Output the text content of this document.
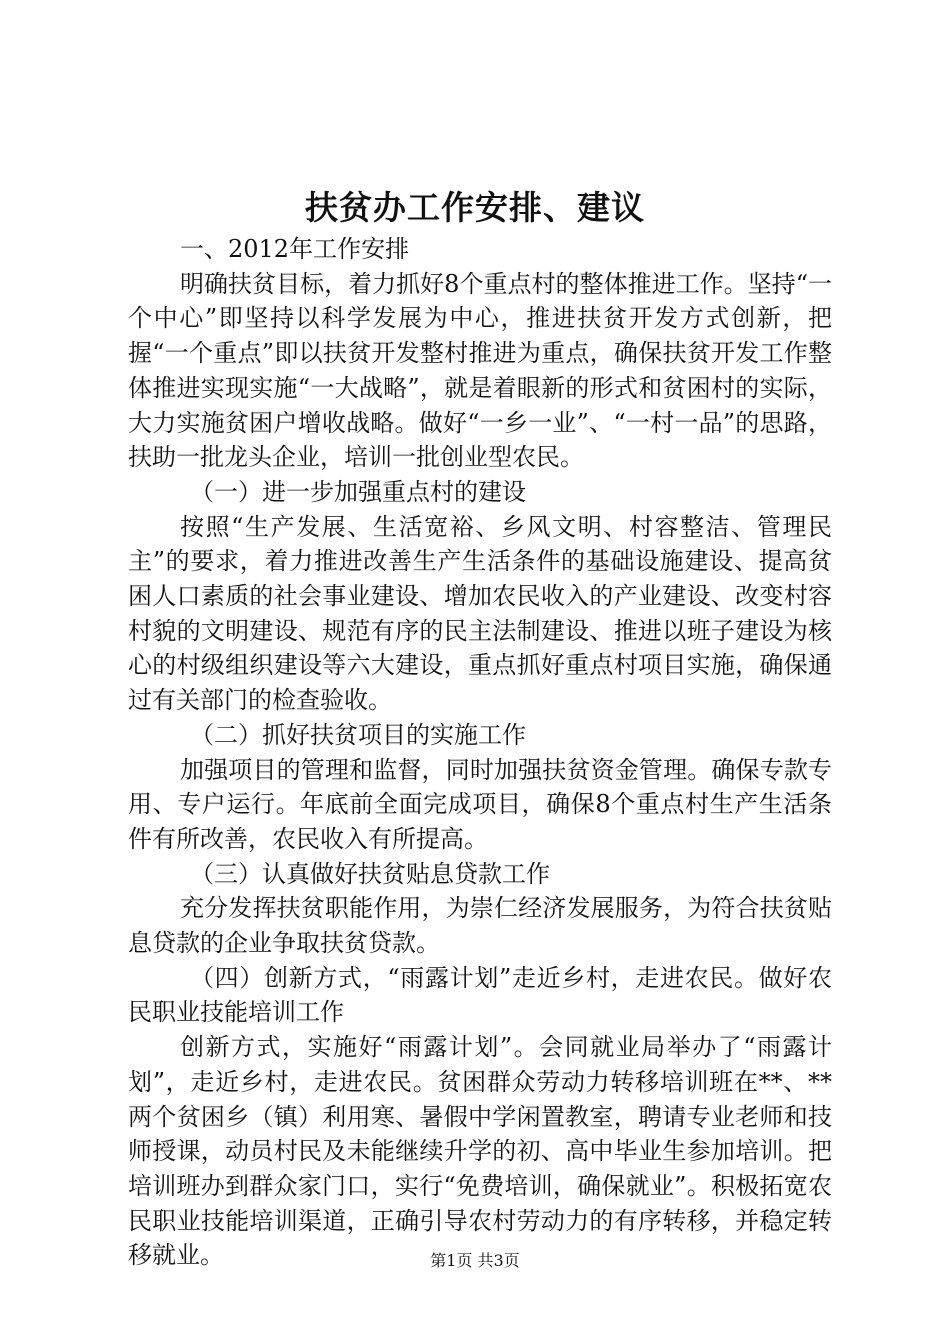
扶贫办工作安排、建议

一、2012年工作安排

明确扶贫目标，着力抓好8个重点村的整体推进工作。坚持“一个中心”即坚持以科学发展为中心，推进扶贫开发方式创新，把握“一个重点”即以扶贫开发整村推进为重点，确保扶贫开发工作整体推进实现实施“一大战略”，就是着眼新的形式和贫困村的实际，大力实施贫困户增收战略。做好“一乡一业”、“一村一品”的思路，扶助一批龙头企业，培训一批创业型农民。

（一）进一步加强重点村的建设

按照“生产发展、生活宽裕、乡风文明、村容整洁、管理民主”的要求，着力推进改善生产生活条件的基础设施建设、提高贫困人口素质的社会事业建设、增加农民收入的产业建设、改变村容村貌的文明建设、规范有序的民主法制建设、推进以班子建设为核心的村级组织建设等六大建设，重点抓好重点村项目实施，确保通过有关部门的检查验收。

（二）抓好扶贫项目的实施工作

加强项目的管理和监督，同时加强扶贫资金管理。确保专款专用、专户运行。年底前全面完成项目，确保8个重点村生产生活条件有所改善，农民收入有所提高。

（三）认真做好扶贫贴息贷款工作

充分发挥扶贫职能作用，为崇仁经济发展服务，为符合扶贫贴息贷款的企业争取扶贫贷款。

（四）创新方式，“雨露计划”走近乡村，走进农民。做好农民职业技能培训工作

创新方式，实施好“雨露计划”。会同就业局举办了“雨露计划”，走近乡村，走进农民。贫困群众劳动力转移培训班在**、**两个贫困乡（镇）利用寒、暑假中学闲置教室，聘请专业老师和技师授课，动员村民及未能继续升学的初、高中毕业生参加培训。把培训班办到群众家门口，实行“免费培训，确保就业”。积极拓宽农民职业技能培训渠道，正确引导农村劳动力的有序转移，并稳定转移就业。	第1页 共3页
